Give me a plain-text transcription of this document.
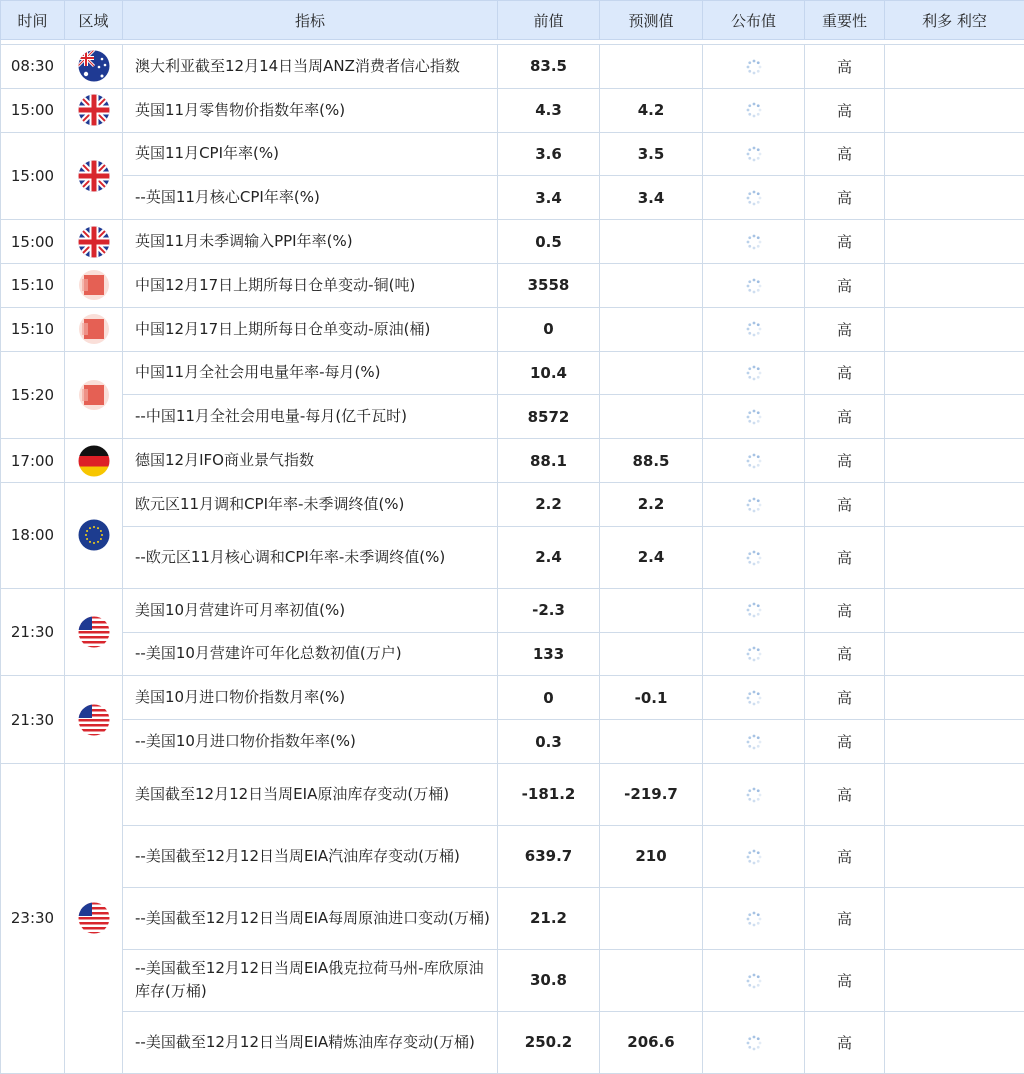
时间	区域	指标	前值	预测值	公布值	重要性	利多 利空

08:30		澳大利亚截至12月14日当周ANZ消费者信心指数	83.5			高	
15:00		英国11月零售物价指数年率(%)	4.3	4.2		高	
15:00		英国11月CPI年率(%)	3.6	3.5		高	
		--英国11月核心CPI年率(%)	3.4	3.4		高	
15:00		英国11月未季调输入PPI年率(%)	0.5			高	
15:10		中国12月17日上期所每日仓单变动-铜(吨)	3558			高	
15:10		中国12月17日上期所每日仓单变动-原油(桶)	0			高	
15:20		中国11月全社会用电量年率-每月(%)	10.4			高	
		--中国11月全社会用电量-每月(亿千瓦时)	8572			高	
17:00		德国12月IFO商业景气指数	88.1	88.5		高	
18:00		欧元区11月调和CPI年率-未季调终值(%)	2.2	2.2		高	
		--欧元区11月核心调和CPI年率-未季调终值(%)	2.4	2.4		高	
21:30		美国10月营建许可月率初值(%)	-2.3			高	
		--美国10月营建许可年化总数初值(万户)	133			高	
21:30		美国10月进口物价指数月率(%)	0	-0.1		高	
		--美国10月进口物价指数年率(%)	0.3			高	
23:30		美国截至12月12日当周EIA原油库存变动(万桶)	-181.2	-219.7		高	
		--美国截至12月12日当周EIA汽油库存变动(万桶)	639.7	210		高	
		--美国截至12月12日当周EIA每周原油进口变动(万桶)	21.2			高	
		--美国截至12月12日当周EIA俄克拉荷马州-库欣原油库存(万桶)	30.8			高	
		--美国截至12月12日当周EIA精炼油库存变动(万桶)	250.2	206.6		高	
